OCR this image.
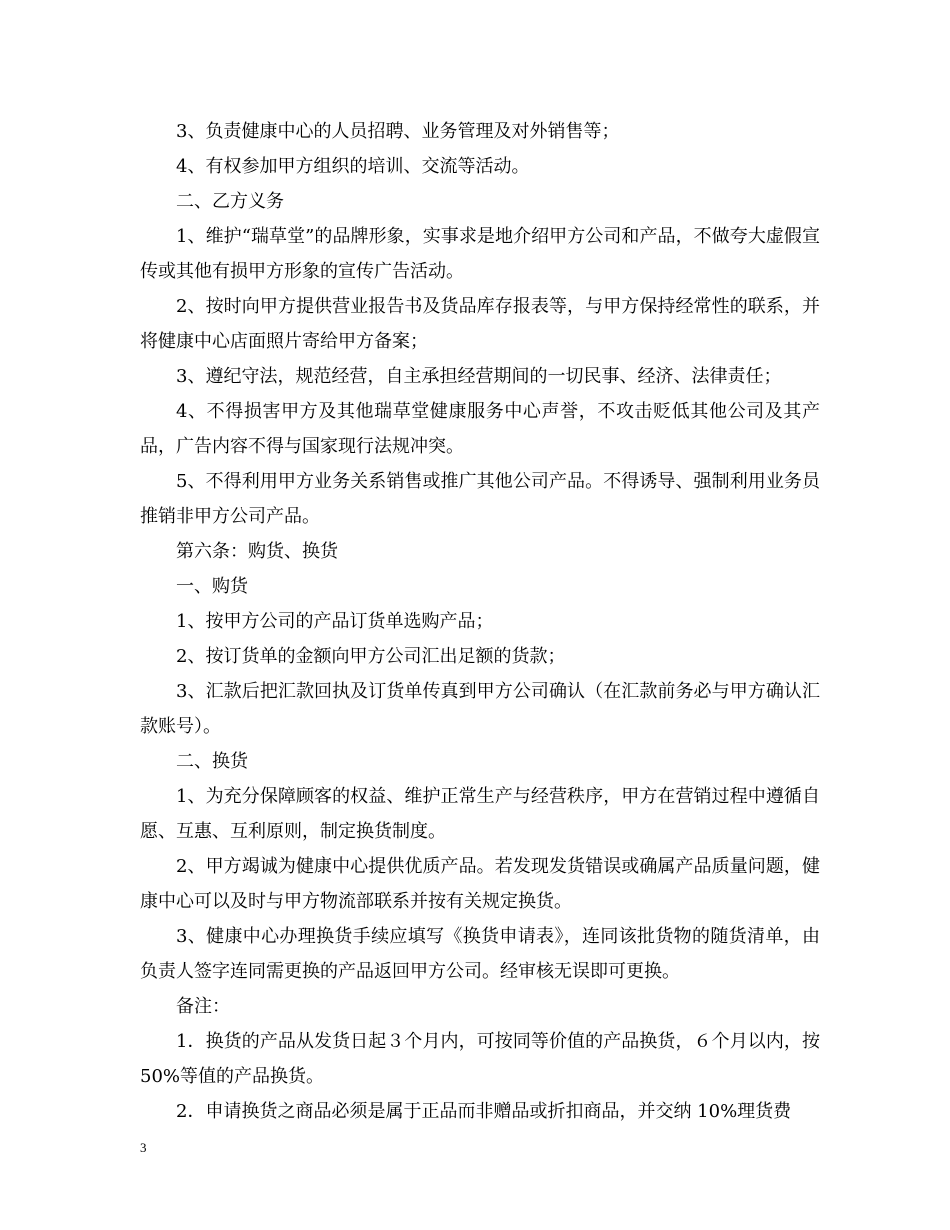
3、负责健康中心的人员招聘、业务管理及对外销售等；

4、有权参加甲方组织的培训、交流等活动。

二、乙方义务

1、维护“瑞草堂”的品牌形象，实事求是地介绍甲方公司和产品，不做夸大虚假宣传或其他有损甲方形象的宣传广告活动。

2、按时向甲方提供营业报告书及货品库存报表等，与甲方保持经常性的联系，并将健康中心店面照片寄给甲方备案；

3、遵纪守法，规范经营，自主承担经营期间的一切民事、经济、法律责任；

4、不得损害甲方及其他瑞草堂健康服务中心声誉，不攻击贬低其他公司及其产品，广告内容不得与国家现行法规冲突。

5、不得利用甲方业务关系销售或推广其他公司产品。不得诱导、强制利用业务员推销非甲方公司产品。

第六条：购货、换货

一、购货

1、按甲方公司的产品订货单选购产品；

2、按订货单的金额向甲方公司汇出足额的货款；

3、汇款后把汇款回执及订货单传真到甲方公司确认（在汇款前务必与甲方确认汇款账号）。

二、换货

1、为充分保障顾客的权益、维护正常生产与经营秩序，甲方在营销过程中遵循自愿、互惠、互利原则，制定换货制度。

2、甲方竭诚为健康中心提供优质产品。若发现发货错误或确属产品质量问题，健康中心可以及时与甲方物流部联系并按有关规定换货。

3、健康中心办理换货手续应填写《换货申请表》，连同该批货物的随货清单，由负责人签字连同需更换的产品返回甲方公司。经审核无误即可更换。

备注：

1．换货的产品从发货日起３个月内，可按同等价值的产品换货，６个月以内，按 50%等值的产品换货。

2．申请换货之商品必须是属于正品而非赠品或折扣商品，并交纳 10%理货费

3
